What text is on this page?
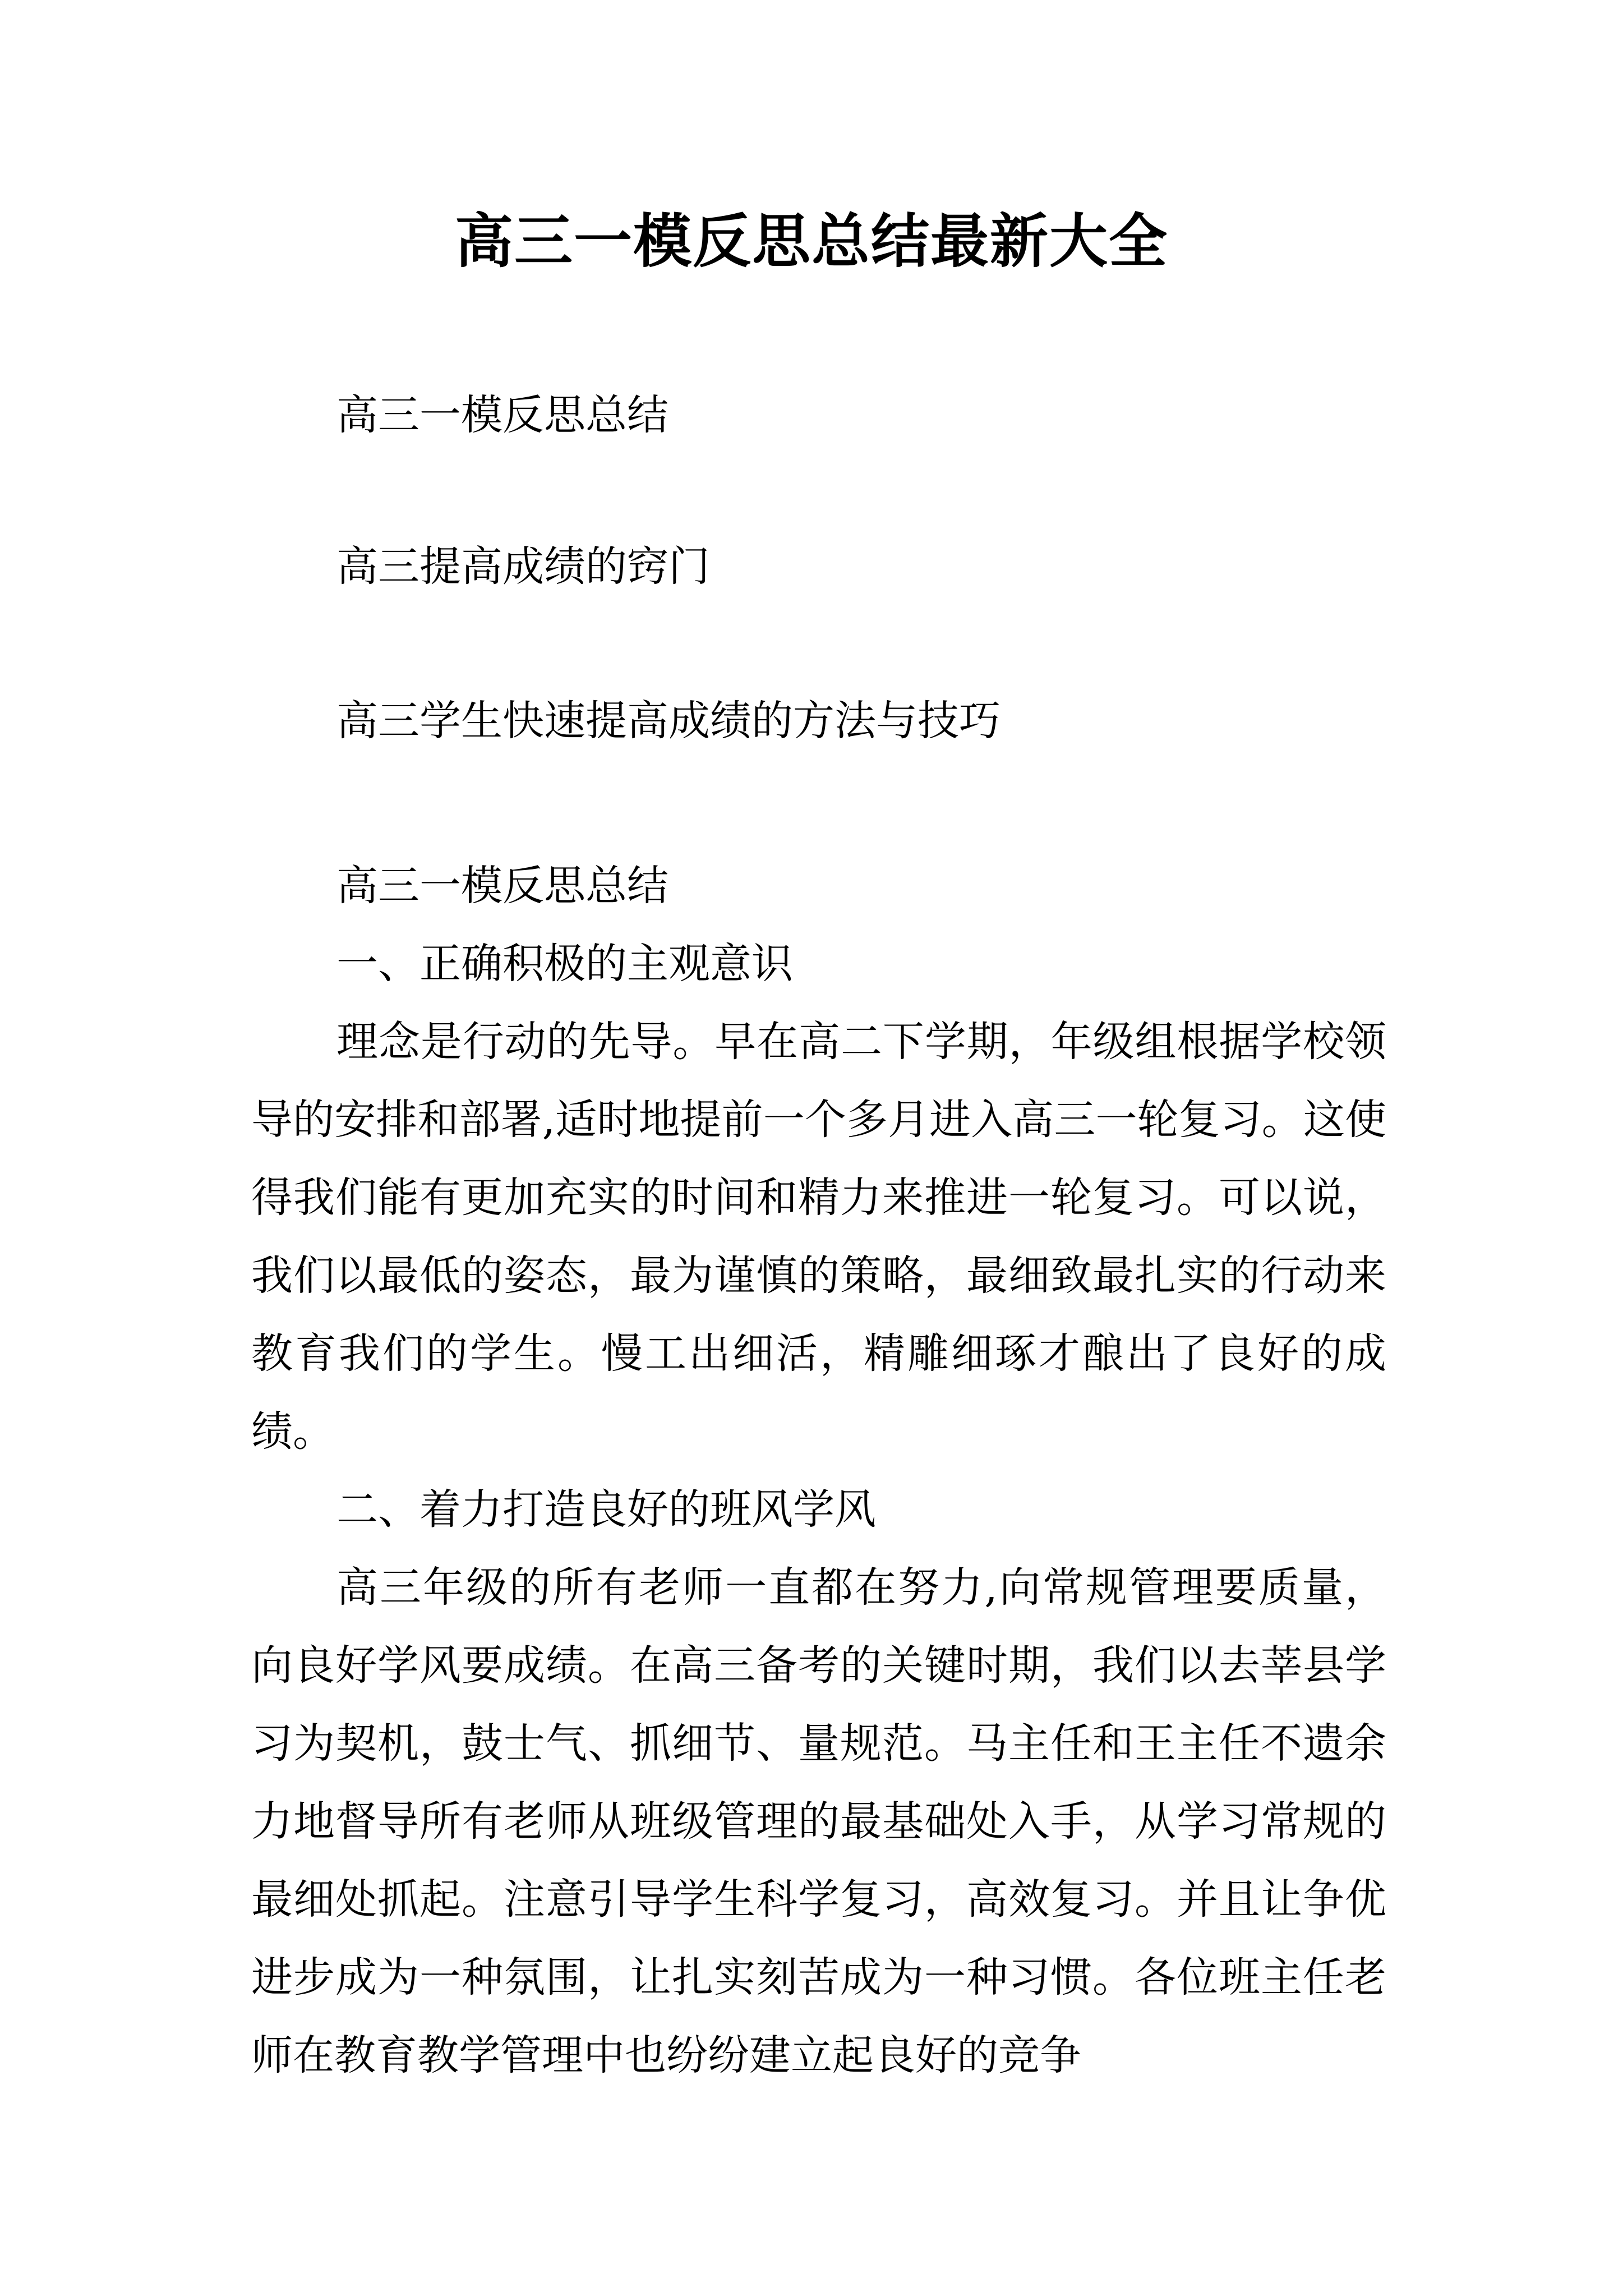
高三一模反思总结最新大全
高三一模反思总结
高三提高成绩的窍门
高三学生快速提高成绩的方法与技巧

高三一模反思总结

一、正确积极的主观意识

理念是行动的先导。早在高二下学期，年级组根据学校领导的安排和部署,适时地提前一个多月进入高三一轮复习。这使得我们能有更加充实的时间和精力来推进一轮复习。可以说，我们以最低的姿态，最为谨慎的策略，最细致最扎实的行动来教育我们的学生。慢工出细活，精雕细琢才酿出了良好的成绩。

二、着力打造良好的班风学风

高三年级的所有老师一直都在努力,向常规管理要质量，向良好学风要成绩。在高三备考的关键时期，我们以去莘县学习为契机，鼓士气、抓细节、量规范。马主任和王主任不遗余力地督导所有老师从班级管理的最基础处入手，从学习常规的最细处抓起。注意引导学生科学复习，高效复习。并且让争优进步成为一种氛围，让扎实刻苦成为一种习惯。各位班主任老师在教育教学管理中也纷纷建立起良好的竞争
